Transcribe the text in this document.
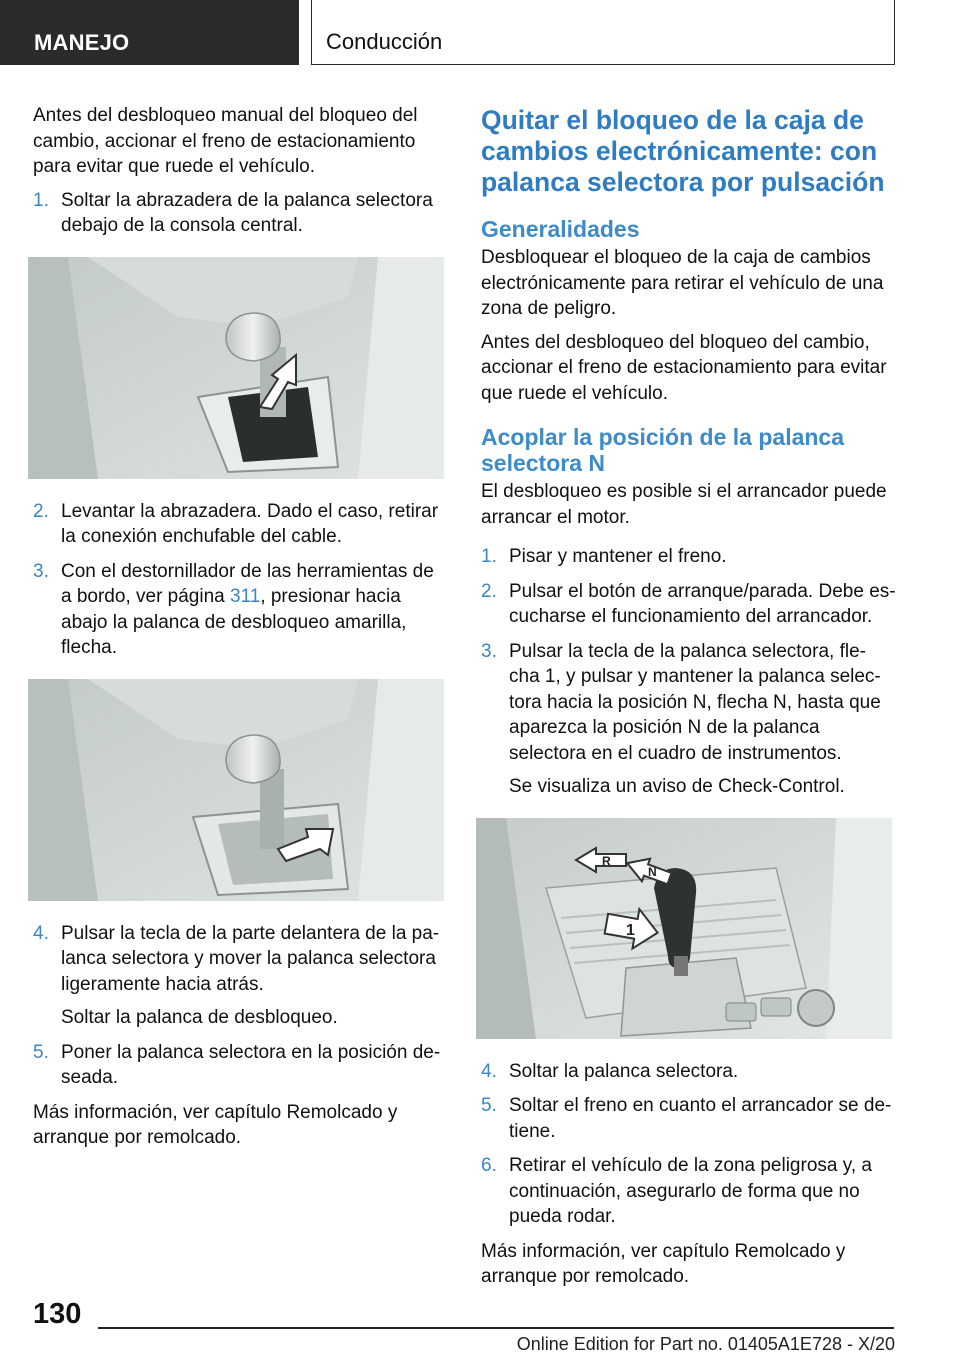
MANEJO	Conducción

Antes del desbloqueo manual del bloqueo del cambio, accionar el freno de estacionamiento para evitar que ruede el vehículo.

1. Soltar la abrazadera de la palanca selectora debajo de la consola central.
2. Levantar la abrazadera. Dado el caso, retirar la conexión enchufable del cable.
3. Con el destornillador de las herramientas de a bordo, ver página 311, presionar hacia abajo la palanca de desbloqueo amarilla, flecha.
4. Pulsar la tecla de la parte delantera de la pa‐ lanca selectora y mover la palanca selectora ligeramente hacia atrás.
Soltar la palanca de desbloqueo.
5. Poner la palanca selectora en la posición de‐ seada.

Más información, ver capítulo Remolcado y arranque por remolcado.

Quitar el bloqueo de la caja de cambios electrónicamente: con palanca selectora por pulsación
Generalidades

Desbloquear el bloqueo de la caja de cambios electrónicamente para retirar el vehículo de una zona de peligro.

Antes del desbloqueo del bloqueo del cambio, accionar el freno de estacionamiento para evitar que ruede el vehículo.

Acoplar la posición de la palanca selectora N

El desbloqueo es posible si el arrancador puede arrancar el motor.

1. Pisar y mantener el freno.
2. Pulsar el botón de arranque/parada. Debe es‐ cucharse el funcionamiento del arrancador.
3. Pulsar la tecla de la palanca selectora, fle‐ cha 1, y pulsar y mantener la palanca selec‐ tora hacia la posición N, flecha N, hasta que aparezca la posición N de la palanca selectora en el cuadro de instrumentos.
Se visualiza un aviso de Check-Control.
R
N
1
4. Soltar la palanca selectora.
5. Soltar el freno en cuanto el arrancador se de‐ tiene.
6. Retirar el vehículo de la zona peligrosa y, a continuación, asegurarlo de forma que no pueda rodar.

Más información, ver capítulo Remolcado y arranque por remolcado.

130
Online Edition for Part no. 01405A1E728 - X/20
